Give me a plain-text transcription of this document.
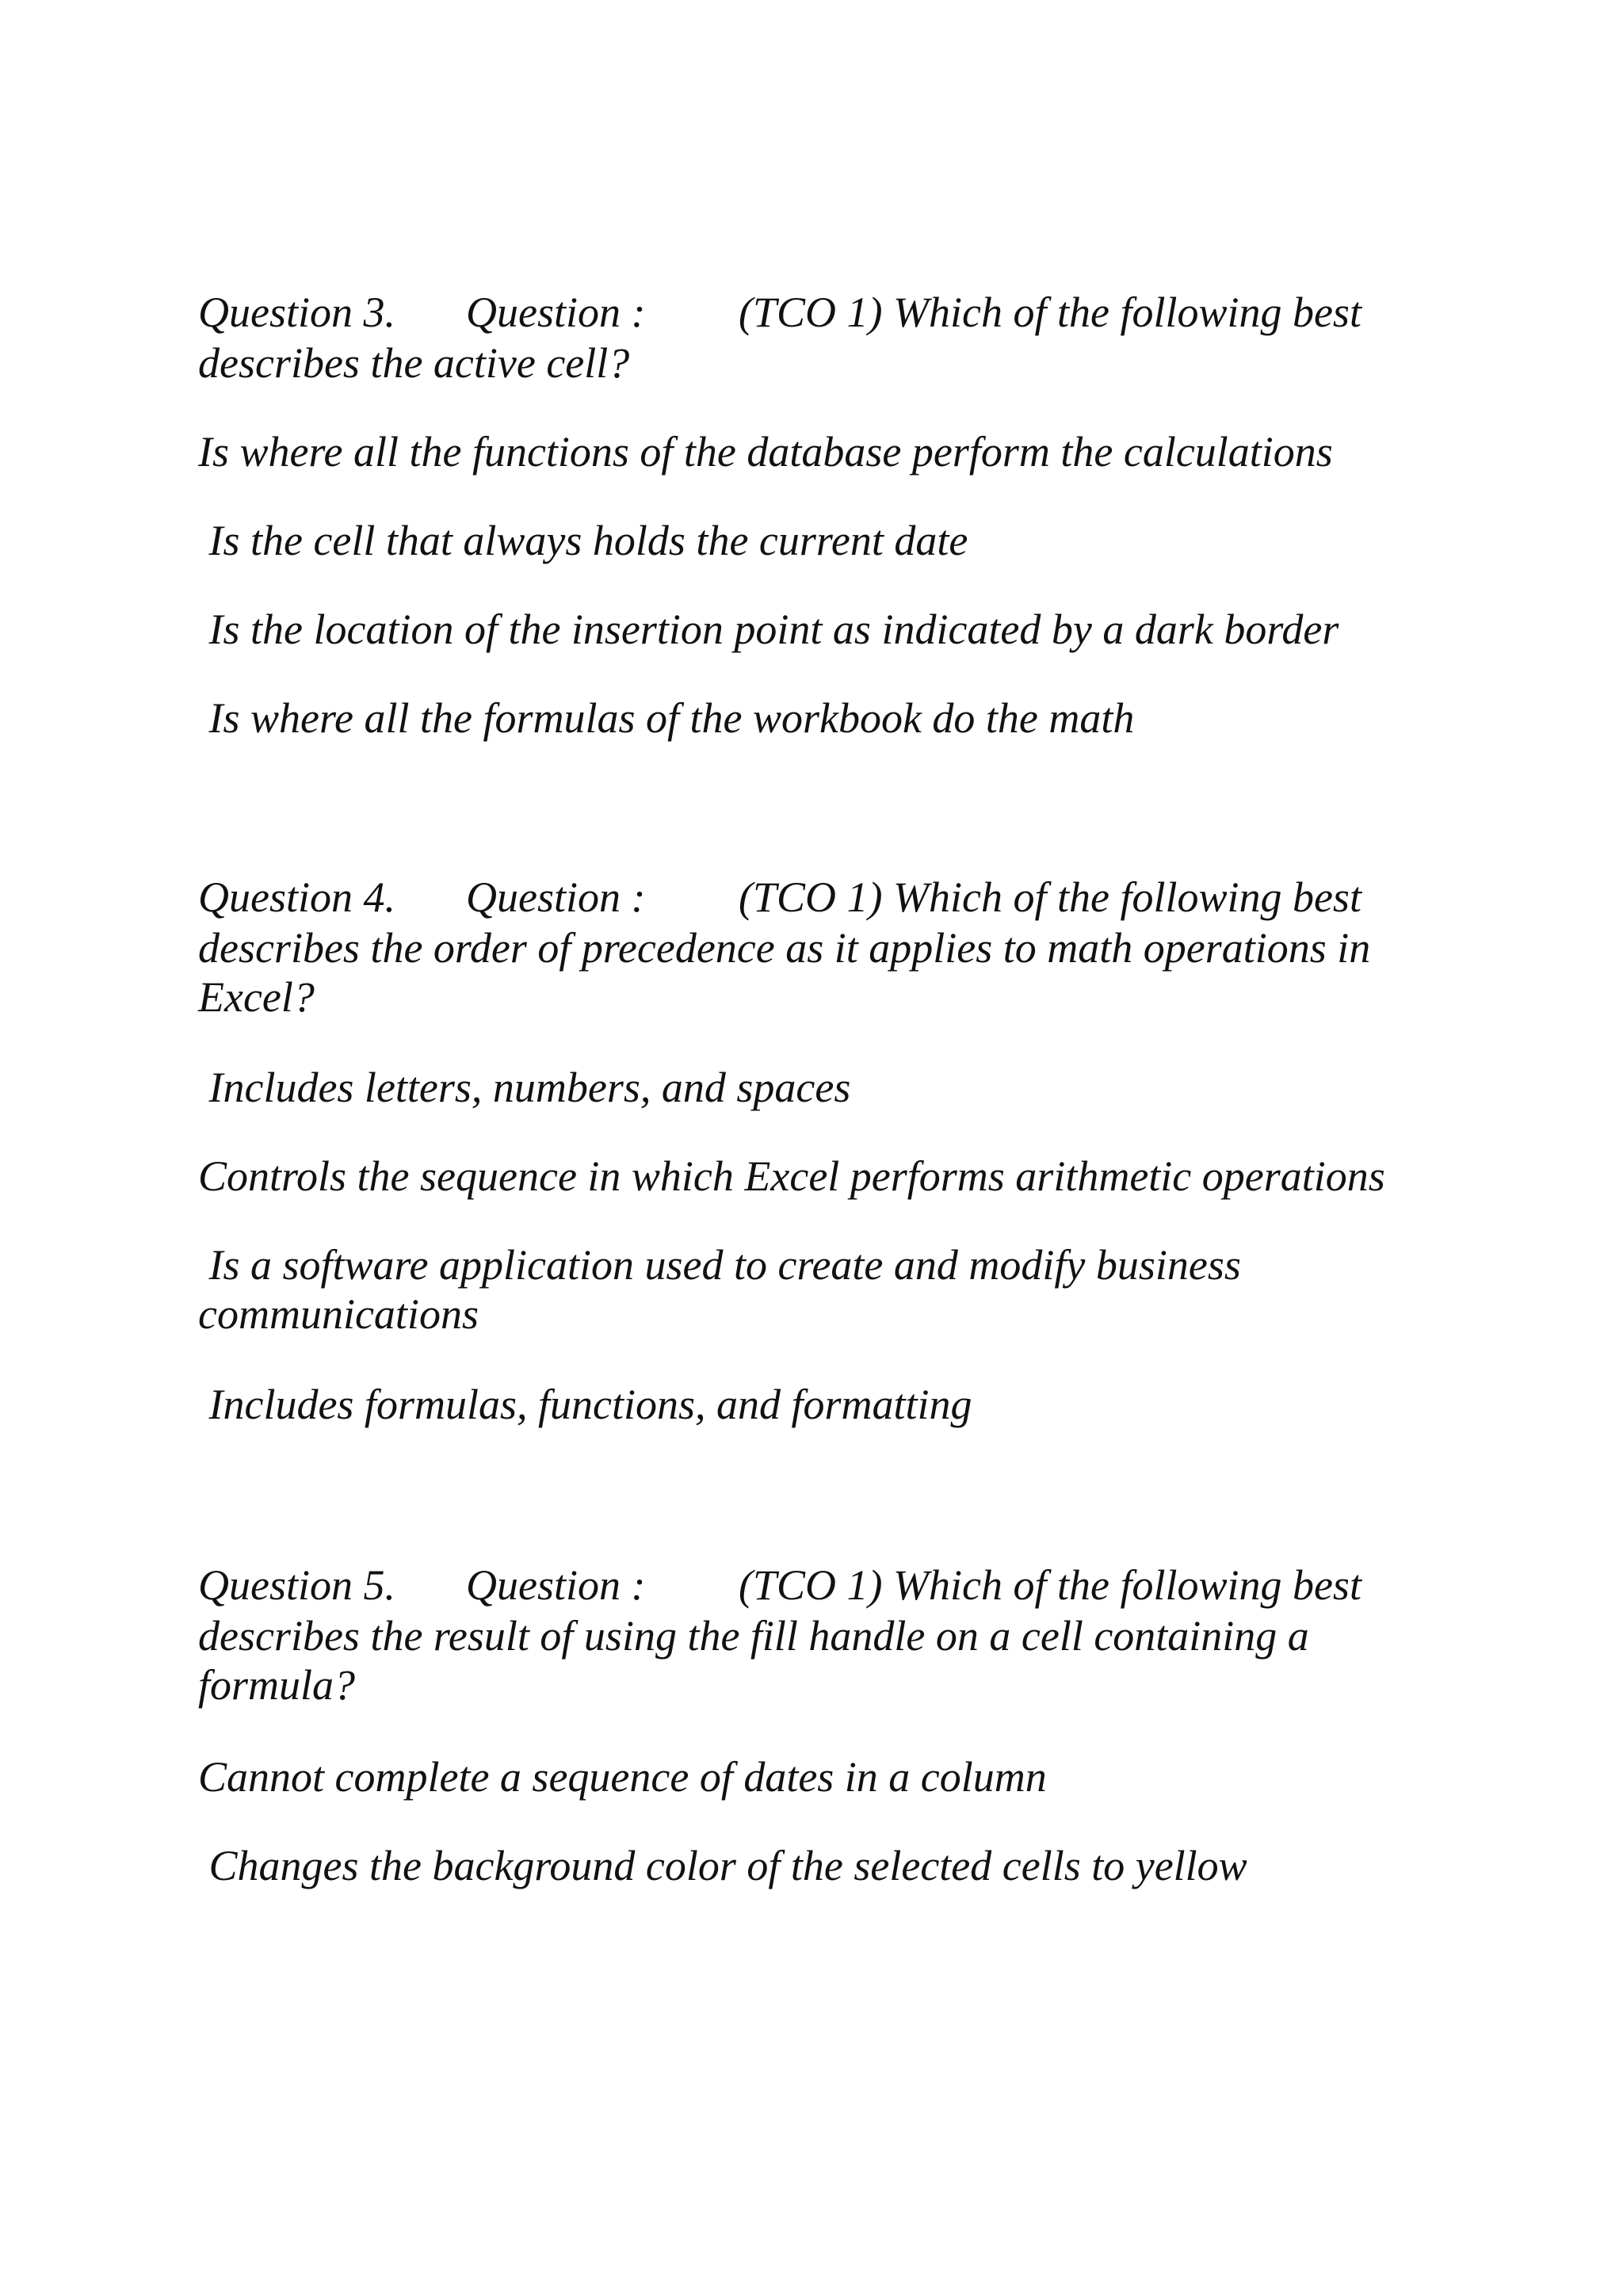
Question 3.

Question :

(TCO 1) Which of the following best

describes the active cell?

Is where all the functions of the database perform the calculations

Is the cell that always holds the current date

Is the location of the insertion point as indicated by a dark border

Is where all the formulas of the workbook do the math

Question 4.

Question :

(TCO 1) Which of the following best

describes the order of precedence as it applies to math operations in

Excel?

Includes letters, numbers, and spaces

Controls the sequence in which Excel performs arithmetic operations

Is a software application used to create and modify business

communications

Includes formulas, functions, and formatting

Question 5.

Question :

(TCO 1) Which of the following best

describes the result of using the fill handle on a cell containing a

formula?

Cannot complete a sequence of dates in a column

Changes the background color of the selected cells to yellow
